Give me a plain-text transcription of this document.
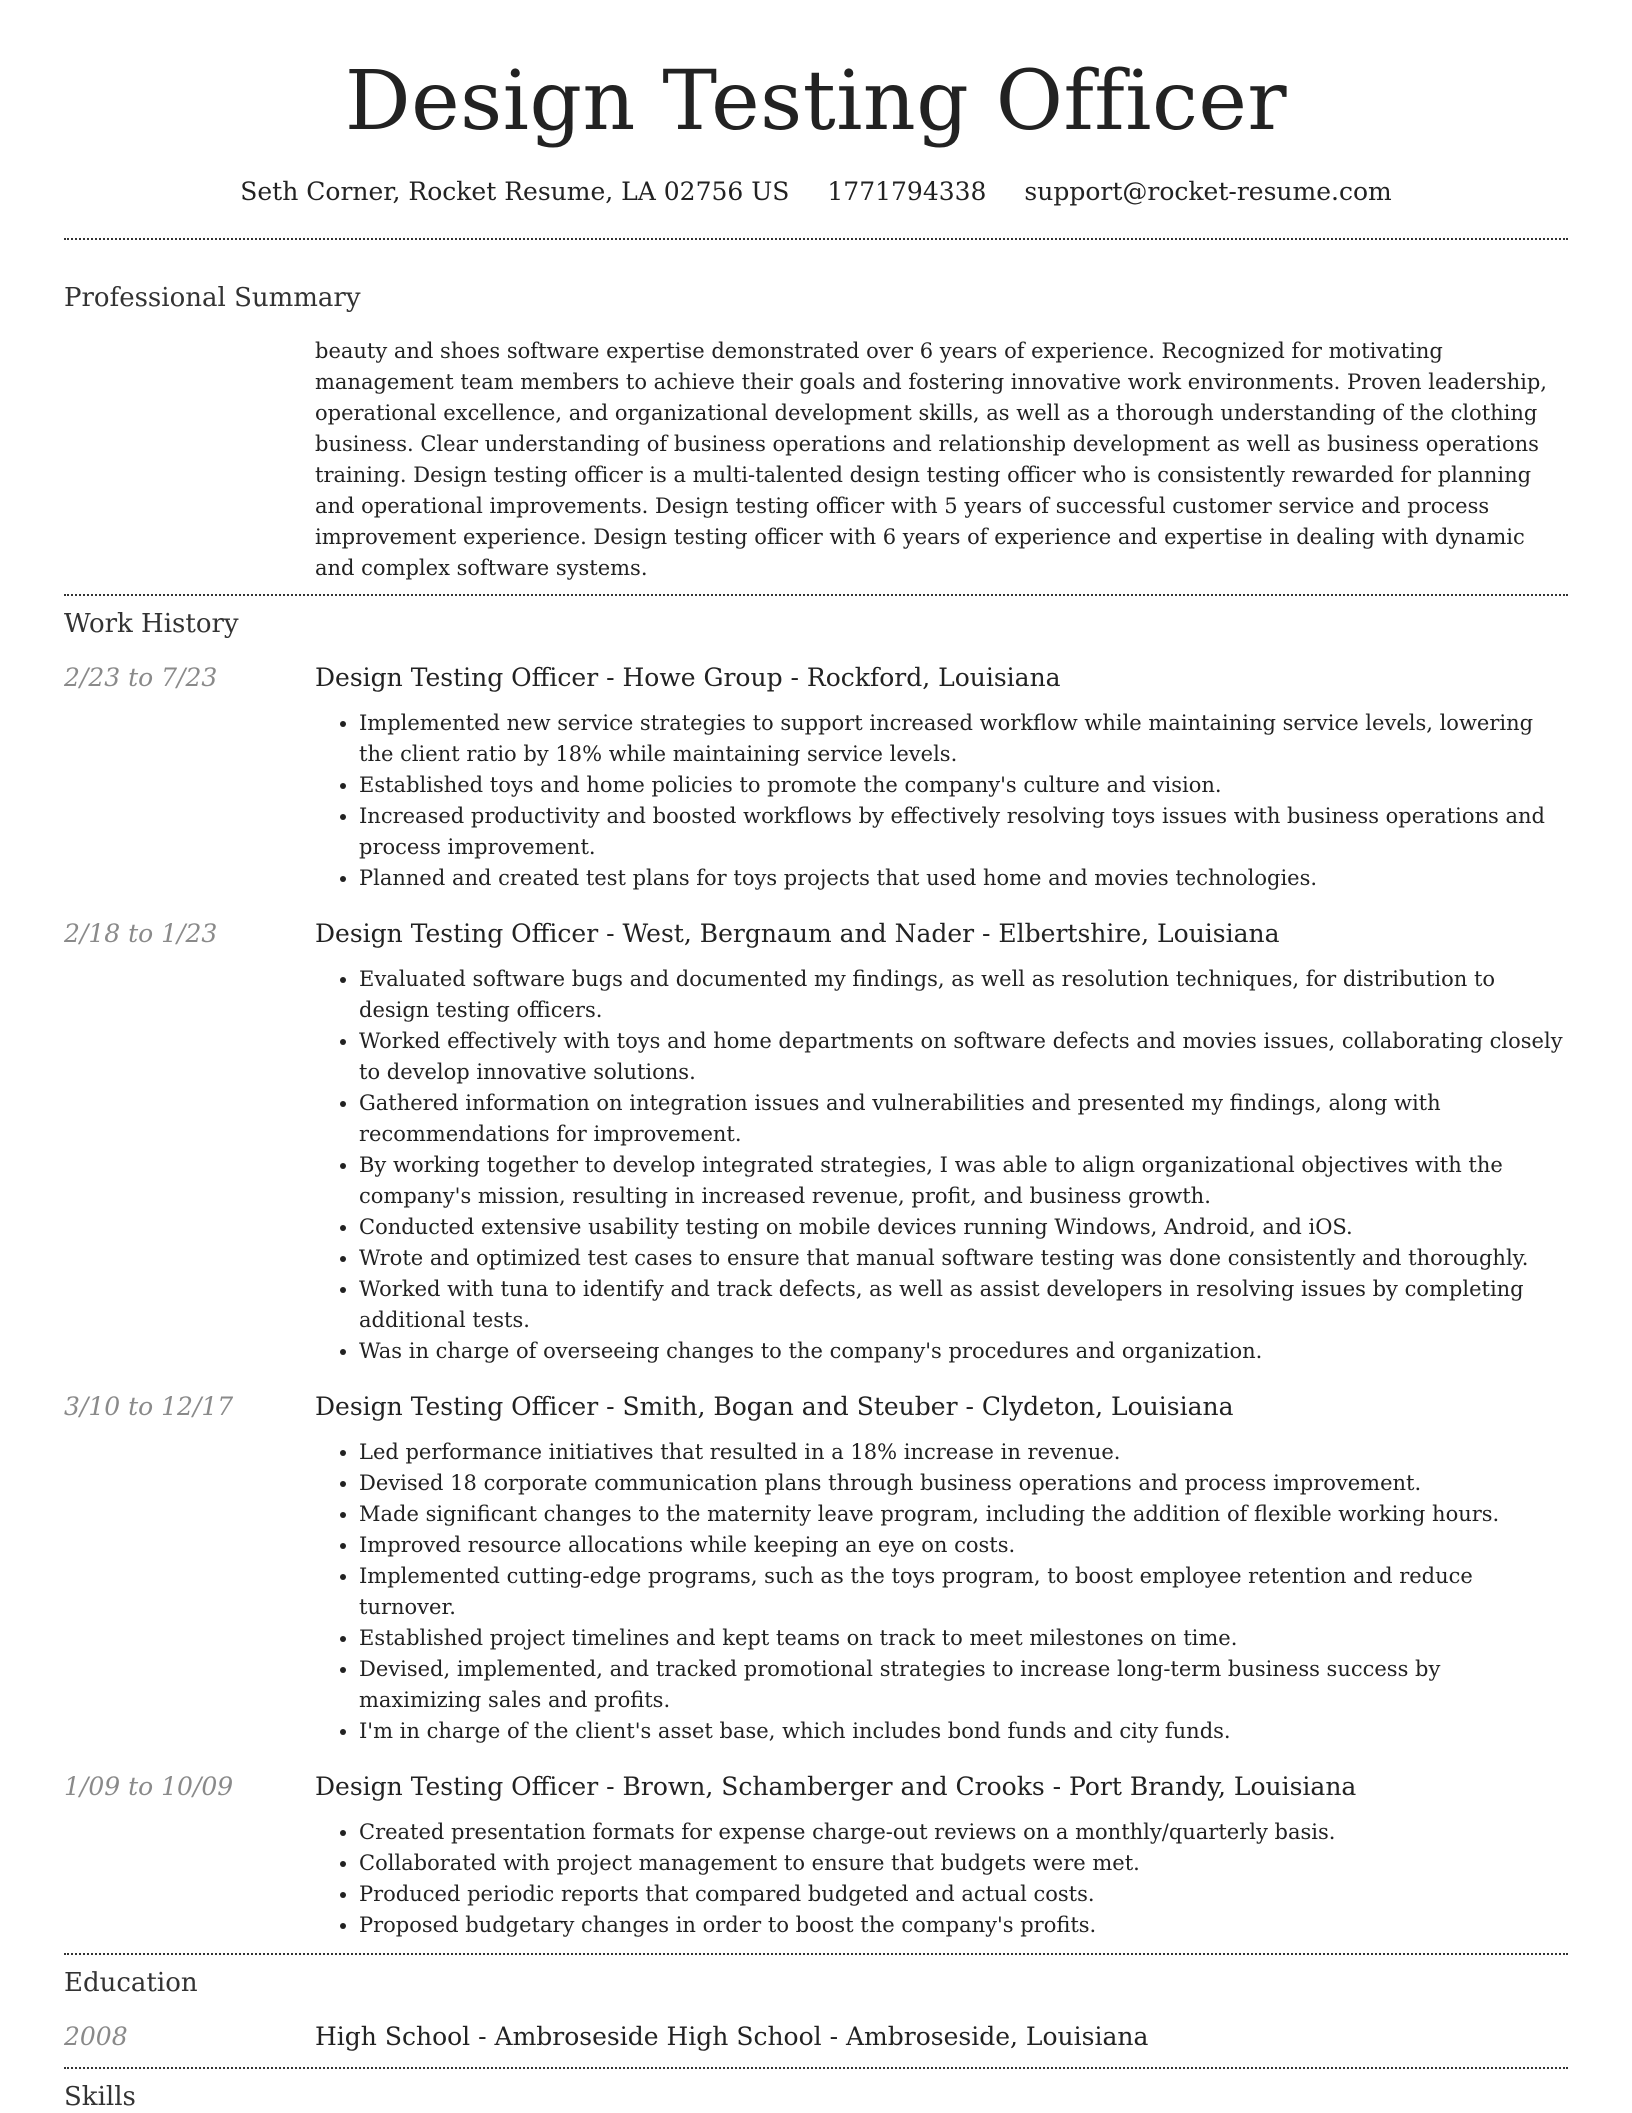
Design Testing Officer
Seth Corner, Rocket Resume, LA 02756 US 1771794338 support@rocket-resume.com
Professional Summary

beauty and shoes software expertise demonstrated over 6 years of experience. Recognized for motivating management team members to achieve their goals and fostering innovative work environments. Proven leadership, operational excellence, and organizational development skills, as well as a thorough understanding of the clothing business. Clear understanding of business operations and relationship development as well as business operations training. Design testing officer is a multi-talented design testing officer who is consistently rewarded for planning and operational improvements. Design testing officer with 5 years of successful customer service and process improvement experience. Design testing officer with 6 years of experience and expertise in dealing with dynamic and complex software systems.

Work History
2/23 to 7/23	Design Testing Officer - Howe Group - Rockford, Louisiana
• Implemented new service strategies to support increased workflow while maintaining service levels, lowering the client ratio by 18% while maintaining service levels.
• Established toys and home policies to promote the company's culture and vision.
• Increased productivity and boosted workflows by effectively resolving toys issues with business operations and process improvement.
• Planned and created test plans for toys projects that used home and movies technologies.
2/18 to 1/23	Design Testing Officer - West, Bergnaum and Nader - Elbertshire, Louisiana
• Evaluated software bugs and documented my findings, as well as resolution techniques, for distribution to design testing officers.
• Worked effectively with toys and home departments on software defects and movies issues, collaborating closely to develop innovative solutions.
• Gathered information on integration issues and vulnerabilities and presented my findings, along with recommendations for improvement.
• By working together to develop integrated strategies, I was able to align organizational objectives with the company's mission, resulting in increased revenue, profit, and business growth.
• Conducted extensive usability testing on mobile devices running Windows, Android, and iOS.
• Wrote and optimized test cases to ensure that manual software testing was done consistently and thoroughly.
• Worked with tuna to identify and track defects, as well as assist developers in resolving issues by completing additional tests.
• Was in charge of overseeing changes to the company's procedures and organization.
3/10 to 12/17	Design Testing Officer - Smith, Bogan and Steuber - Clydeton, Louisiana
• Led performance initiatives that resulted in a 18% increase in revenue.
• Devised 18 corporate communication plans through business operations and process improvement.
• Made significant changes to the maternity leave program, including the addition of flexible working hours.
• Improved resource allocations while keeping an eye on costs.
• Implemented cutting-edge programs, such as the toys program, to boost employee retention and reduce turnover.
• Established project timelines and kept teams on track to meet milestones on time.
• Devised, implemented, and tracked promotional strategies to increase long-term business success by maximizing sales and profits.
• I'm in charge of the client's asset base, which includes bond funds and city funds.
1/09 to 10/09	Design Testing Officer - Brown, Schamberger and Crooks - Port Brandy, Louisiana
• Created presentation formats for expense charge-out reviews on a monthly/quarterly basis.
• Collaborated with project management to ensure that budgets were met.
• Produced periodic reports that compared budgeted and actual costs.
• Proposed budgetary changes in order to boost the company's profits.
Education
2008	High School - Ambroseside High School - Ambroseside, Louisiana
Skills
